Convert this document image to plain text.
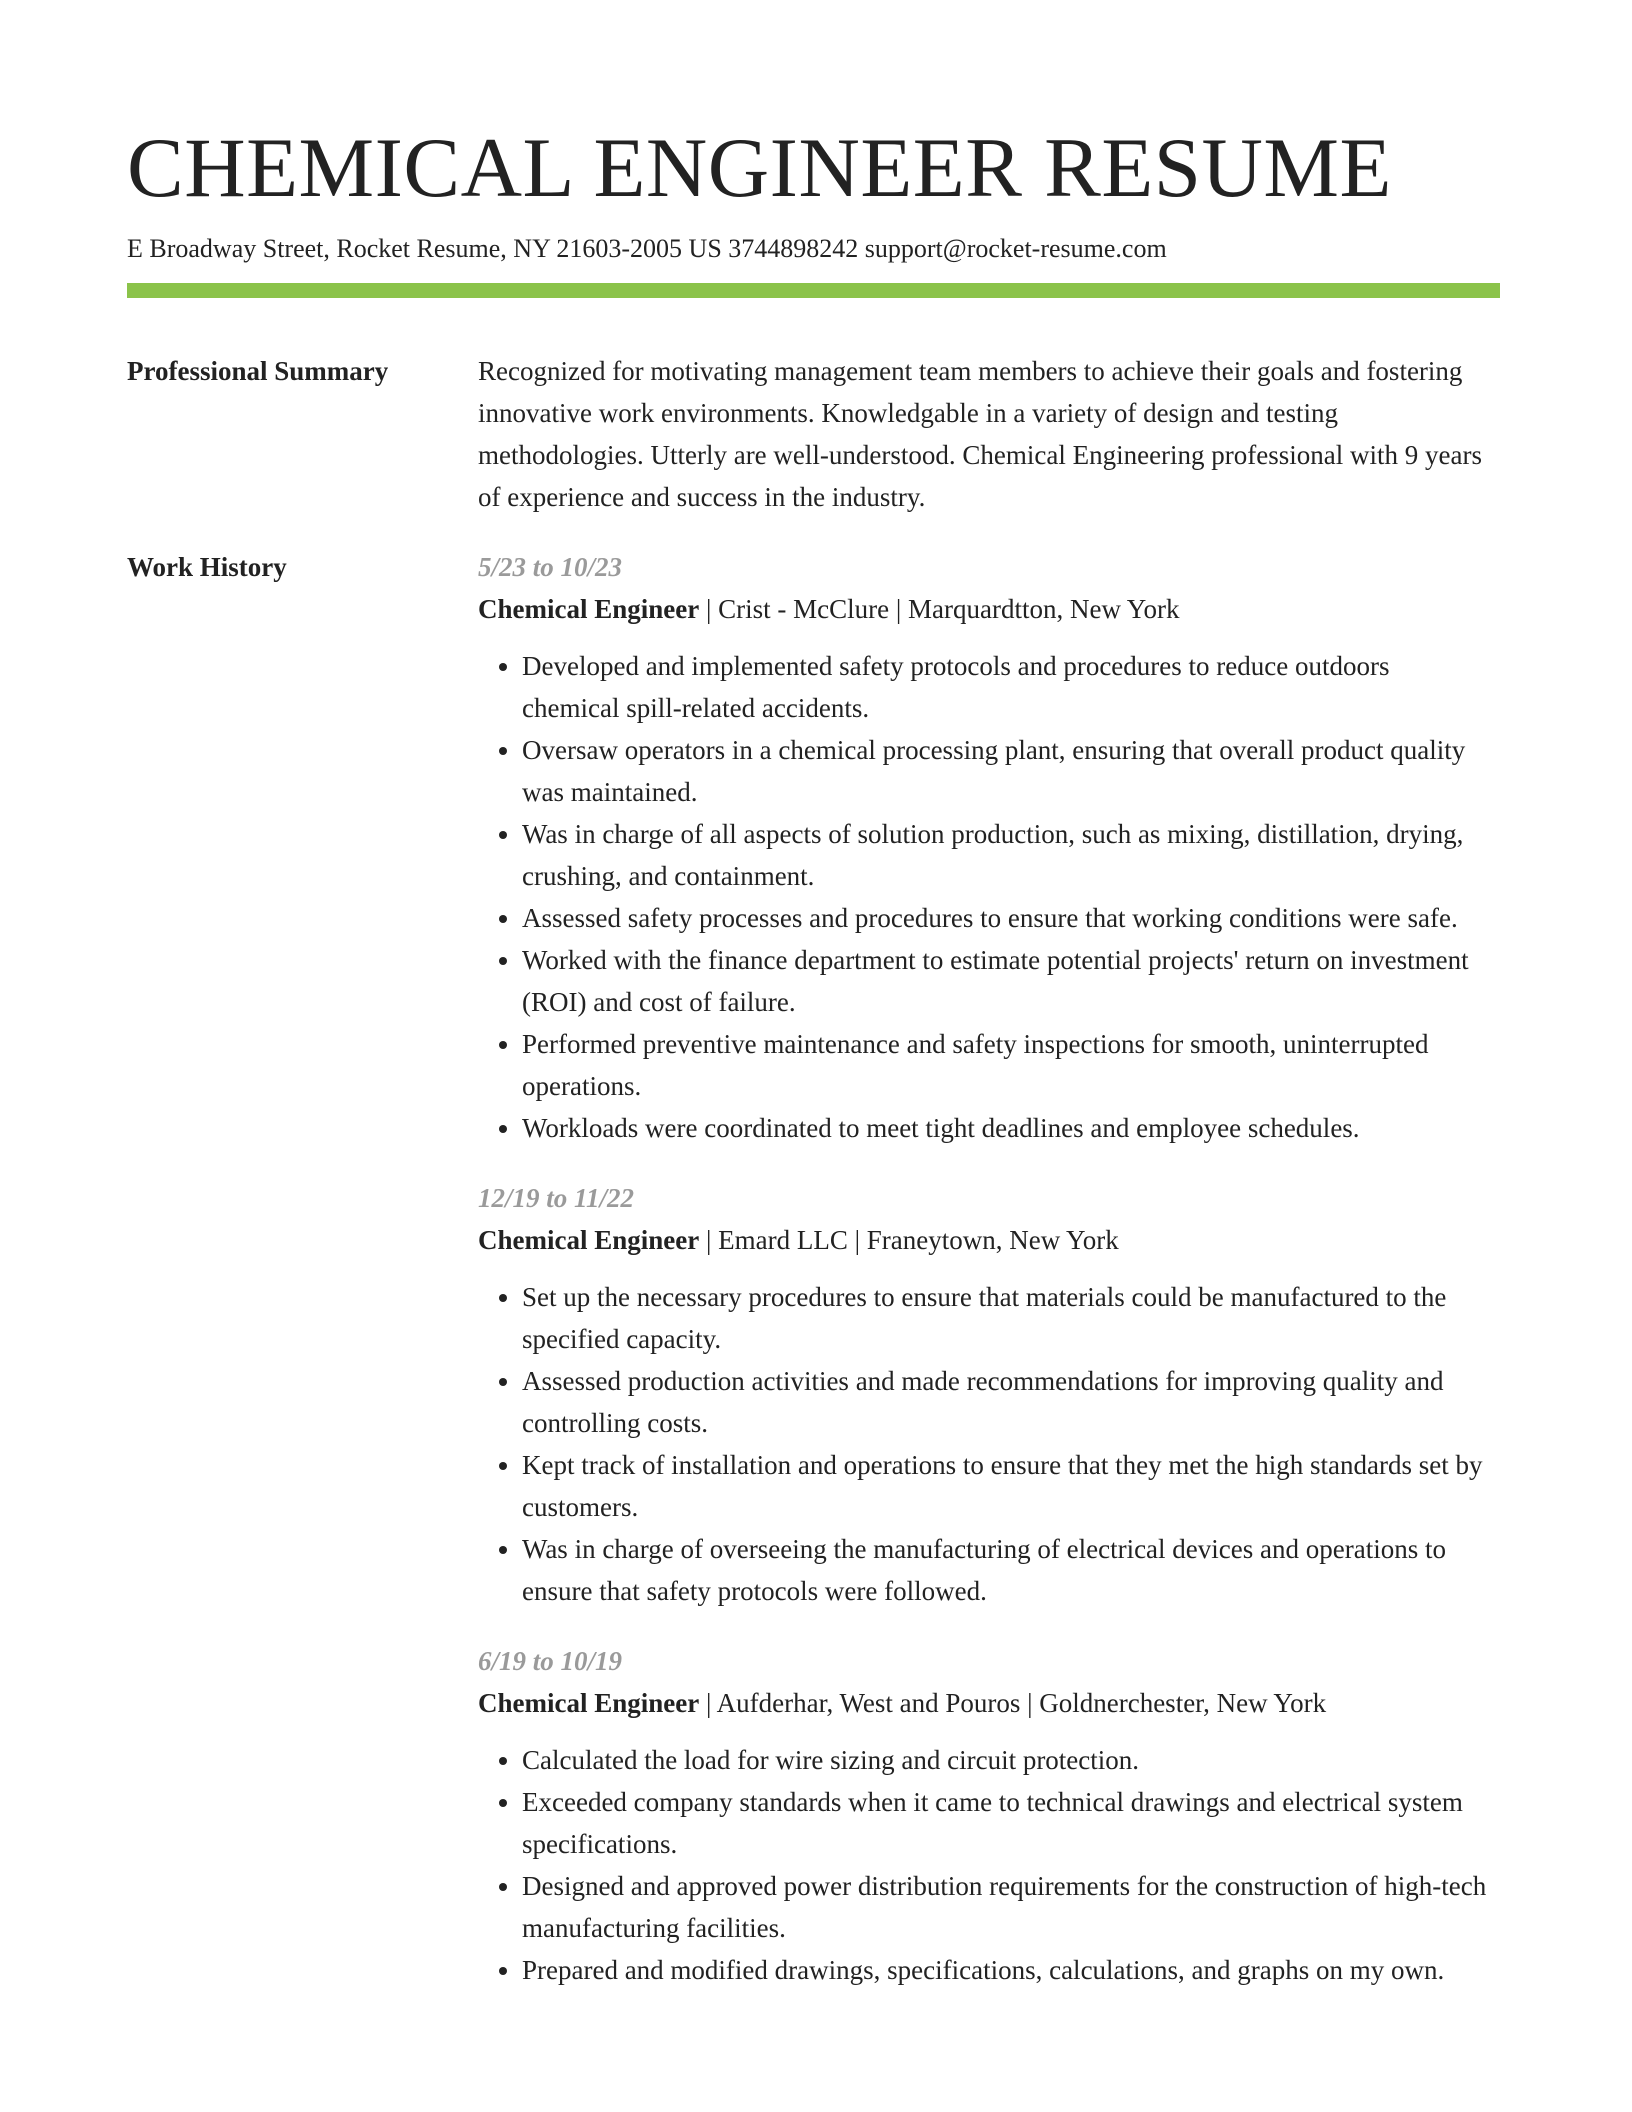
CHEMICAL ENGINEER RESUME
E Broadway Street, Rocket Resume, NY 21603-2005 US 3744898242 support@rocket-resume.com
Professional Summary	Recognized for motivating management team members to achieve their goals and fostering innovative work environments. Knowledgable in a variety of design and testing methodologies. Utterly are well-understood. Chemical Engineering professional with 9 years of experience and success in the industry.

Work History	5/23 to 10/23
Chemical Engineer | Crist - McClure | Marquardtton, New York
• Developed and implemented safety protocols and procedures to reduce outdoors chemical spill-related accidents.
• Oversaw operators in a chemical processing plant, ensuring that overall product quality was maintained.
• Was in charge of all aspects of solution production, such as mixing, distillation, drying, crushing, and containment.
• Assessed safety processes and procedures to ensure that working conditions were safe.
• Worked with the finance department to estimate potential projects' return on investment (ROI) and cost of failure.
• Performed preventive maintenance and safety inspections for smooth, uninterrupted operations.
• Workloads were coordinated to meet tight deadlines and employee schedules.
12/19 to 11/22
Chemical Engineer | Emard LLC | Franeytown, New York
• Set up the necessary procedures to ensure that materials could be manufactured to the specified capacity.
• Assessed production activities and made recommendations for improving quality and controlling costs.
• Kept track of installation and operations to ensure that they met the high standards set by customers.
• Was in charge of overseeing the manufacturing of electrical devices and operations to ensure that safety protocols were followed.
6/19 to 10/19
Chemical Engineer | Aufderhar, West and Pouros | Goldnerchester, New York
• Calculated the load for wire sizing and circuit protection.
• Exceeded company standards when it came to technical drawings and electrical system specifications.
• Designed and approved power distribution requirements for the construction of high-tech manufacturing facilities.
• Prepared and modified drawings, specifications, calculations, and graphs on my own.
